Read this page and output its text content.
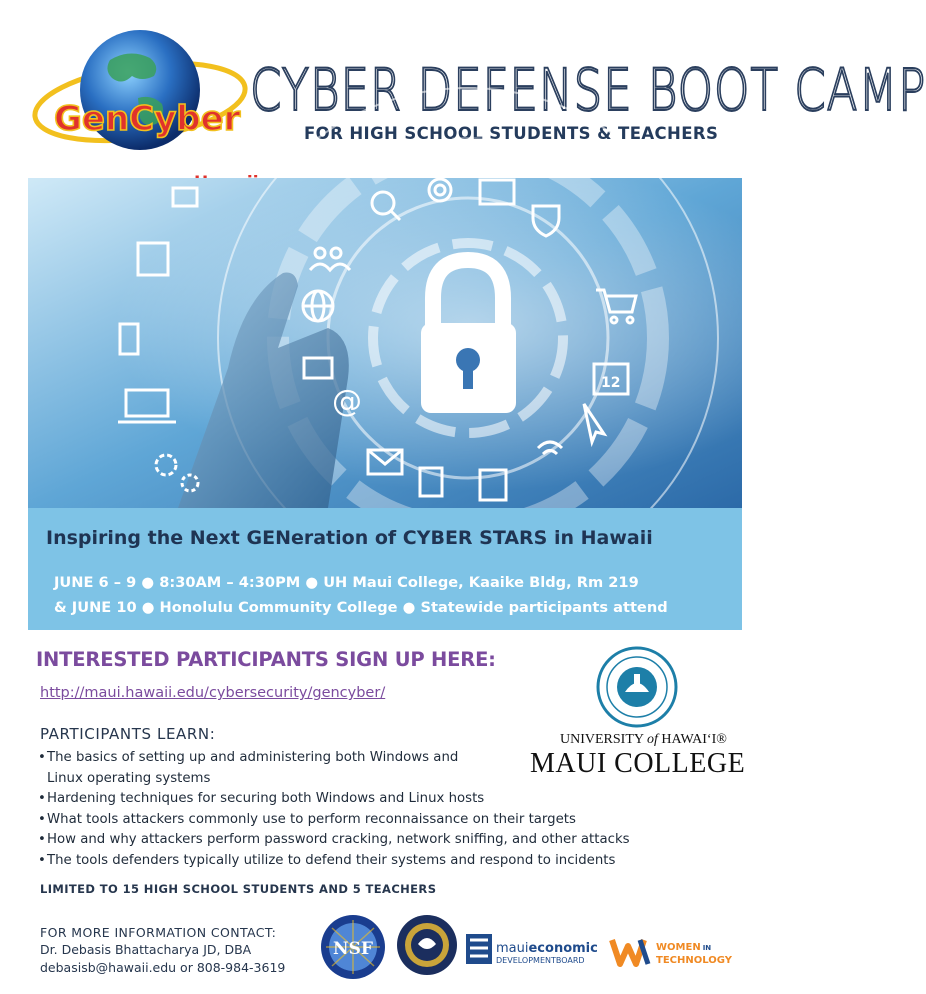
GenCyber CYBER DEFENSE BOOT CAMP
FOR HIGH SCHOOL STUDENTS & TEACHERS
@
12
Inspiring the Next GENeration of CYBER STARS in Hawaii
JUNE 6 – 9 ● 8:30AM – 4:30PM ● UH Maui College, Kaaike Bldg, Rm 219
& JUNE 10 ● Honolulu Community College ● Statewide participants attend
INTERESTED PARTICIPANTS SIGN UP HERE:
http://maui.hawaii.edu/cybersecurity/gencyber/
UNIVERSITY of HAWAI‘I®
MAUI COLLEGE
PARTICIPANTS LEARN:
• The basics of setting up and administering both Windows and Linux operating systems
• Hardening techniques for securing both Windows and Linux hosts
• What tools attackers commonly use to perform reconnaissance on their targets
• How and why attackers perform password cracking, network sniffing, and other attacks
• The tools defenders typically utilize to defend their systems and respond to incidents
LIMITED TO 15 HIGH SCHOOL STUDENTS AND 5 TEACHERS
FOR MORE INFORMATION CONTACT:
Dr. Debasis Bhattacharya JD, DBA
debasisb@hawaii.edu or 808-984-3619
NSF	mauieconomic
DEVELOPMENTBOARD
WOMEN IN
TECHNOLOGY
